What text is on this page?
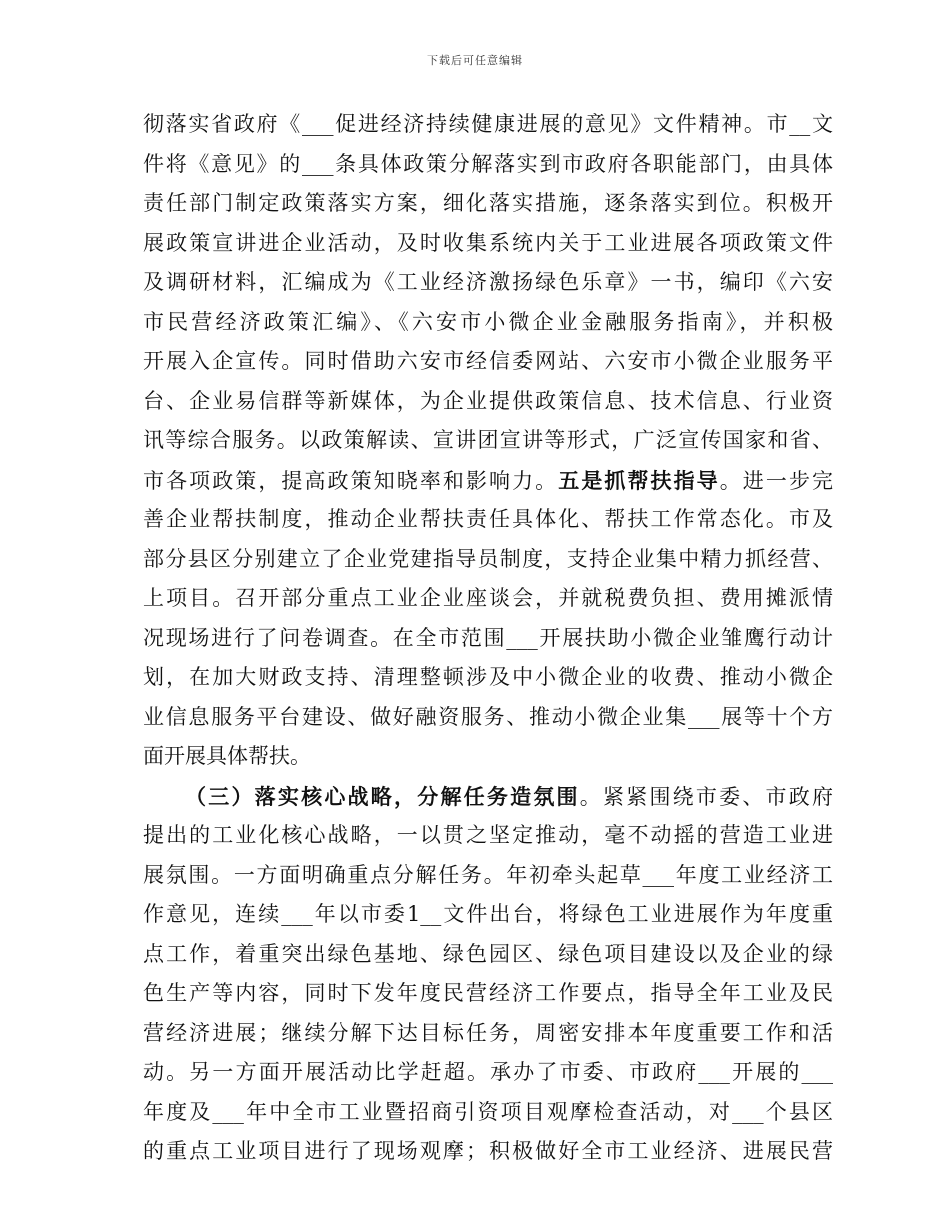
下载后可任意编辑
彻落实省政府《___促进经济持续健康进展的意见》文件精神。市__文
件将《意见》的___条具体政策分解落实到市政府各职能部门，由具体
责任部门制定政策落实方案，细化落实措施，逐条落实到位。积极开
展政策宣讲进企业活动，及时收集系统内关于工业进展各项政策文件
及调研材料，汇编成为《工业经济激扬绿色乐章》一书，编印《六安
市民营经济政策汇编》、《六安市小微企业金融服务指南》，并积极
开展入企宣传。同时借助六安市经信委网站、六安市小微企业服务平
台、企业易信群等新媒体，为企业提供政策信息、技术信息、行业资
讯等综合服务。以政策解读、宣讲团宣讲等形式，广泛宣传国家和省、
市各项政策，提高政策知晓率和影响力。五是抓帮扶指导。进一步完
善企业帮扶制度，推动企业帮扶责任具体化、帮扶工作常态化。市及
部分县区分别建立了企业党建指导员制度，支持企业集中精力抓经营、
上项目。召开部分重点工业企业座谈会，并就税费负担、费用摊派情
况现场进行了问卷调查。在全市范围___开展扶助小微企业雏鹰行动计
划，在加大财政支持、清理整顿涉及中小微企业的收费、推动小微企
业信息服务平台建设、做好融资服务、推动小微企业集___展等十个方
面开展具体帮扶。
（三）落实核心战略，分解任务造氛围。紧紧围绕市委、市政府
提出的工业化核心战略，一以贯之坚定推动，毫不动摇的营造工业进
展氛围。一方面明确重点分解任务。年初牵头起草___年度工业经济工
作意见，连续___年以市委1__文件出台，将绿色工业进展作为年度重
点工作，着重突出绿色基地、绿色园区、绿色项目建设以及企业的绿
色生产等内容，同时下发年度民营经济工作要点，指导全年工业及民
营经济进展；继续分解下达目标任务，周密安排本年度重要工作和活
动。另一方面开展活动比学赶超。承办了市委、市政府___开展的___
年度及___年中全市工业暨招商引资项目观摩检查活动，对___个县区
的重点工业项目进行了现场观摩；积极做好全市工业经济、进展民营
